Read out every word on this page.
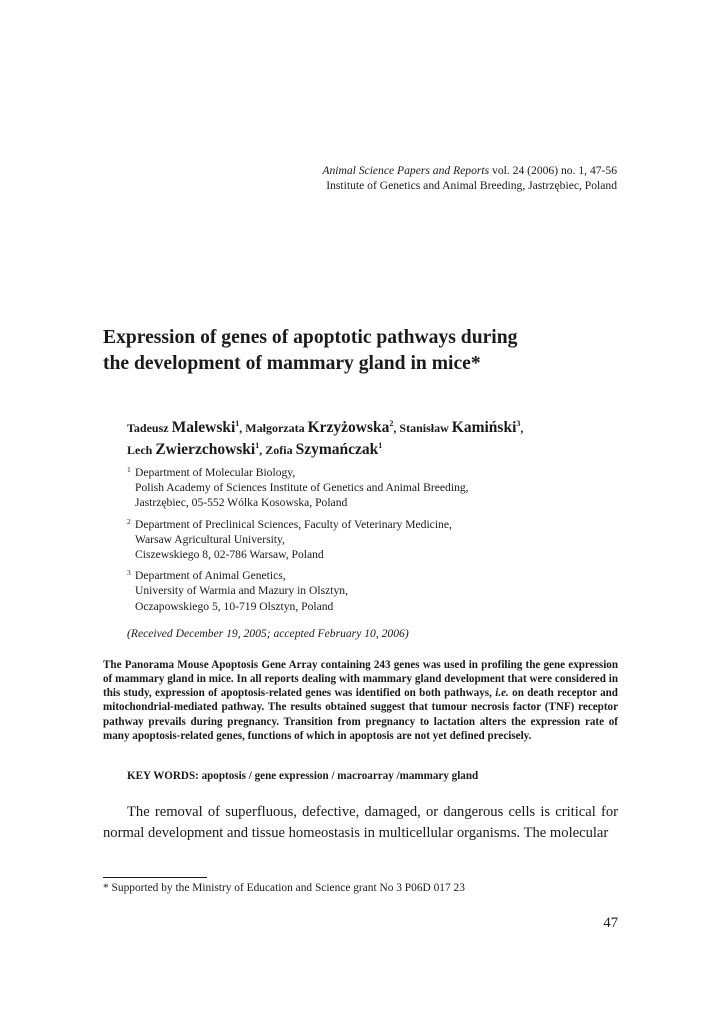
Animal Science Papers and Reports vol. 24 (2006) no. 1, 47-56
Institute of Genetics and Animal Breeding, Jastrzębiec, Poland
Expression of genes of apoptotic pathways during
the development of mammary gland in mice*
Tadeusz Malewski$^1$, Małgorzata Krzyżowska$^2$, Stanisław Kamiński$^3$,
Lech Zwierzchowski$^1$, Zofia Szymańczak$^1$
1 Department of Molecular Biology,
Polish Academy of Sciences Institute of Genetics and Animal Breeding,
Jastrzębiec, 05-552 Wólka Kosowska, Poland
2 Department of Preclinical Sciences, Faculty of Veterinary Medicine,
Warsaw Agricultural University,
Ciszewskiego 8, 02-786 Warsaw, Poland
3 Department of Animal Genetics,
University of Warmia and Mazury in Olsztyn,
Oczapowskiego 5, 10-719 Olsztyn, Poland
(Received December 19, 2005; accepted February 10, 2006)

The Panorama Mouse Apoptosis Gene Array containing 243 genes was used in profiling the gene expression of mammary gland in mice. In all reports dealing with mammary gland development that were considered in this study, expression of apoptosis-related genes was identified on both pathways, i.e. on death receptor and mitochondrial-mediated pathway. The results obtained suggest that tumour necrosis factor (TNF) receptor pathway prevails during pregnancy. Transition from pregnancy to lactation alters the expression rate of many apoptosis-related genes, functions of which in apoptosis are not yet defined precisely.

KEY WORDS: apoptosis / gene expression / macroarray /mammary gland

The removal of superfluous, defective, damaged, or dangerous cells is critical for normal development and tissue homeostasis in multicellular organisms. The molecular

* Supported by the Ministry of Education and Science grant No 3 P06D 017 23
47
